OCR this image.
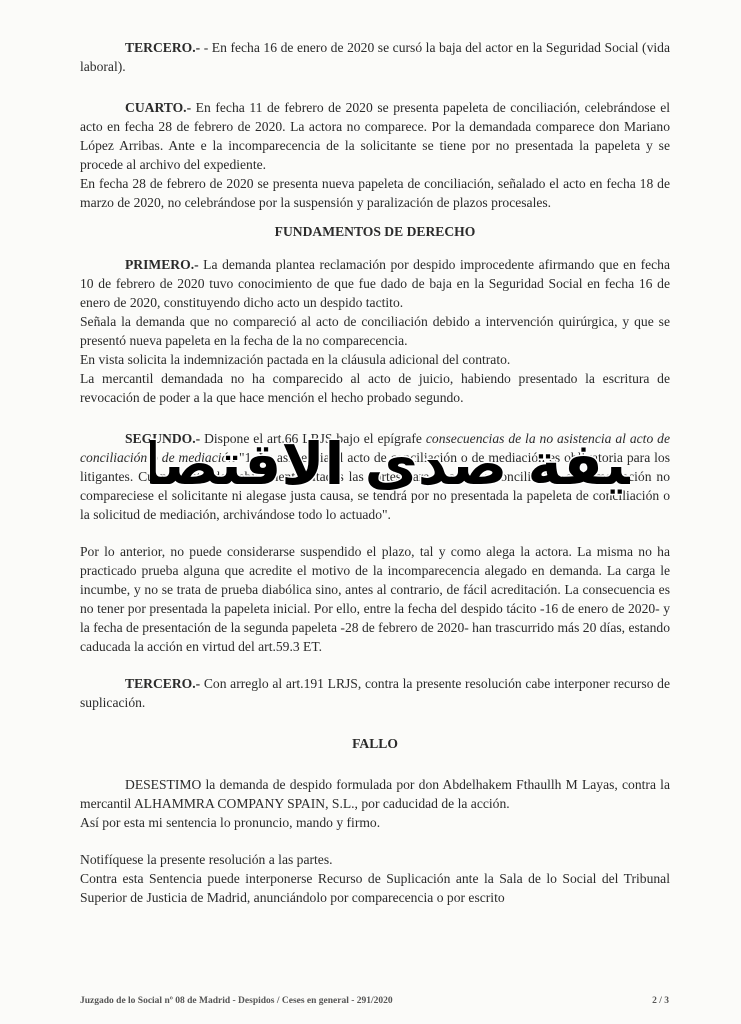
TERCERO.- - En fecha 16 de enero de 2020 se cursó la baja del actor en la Seguridad Social (vida laboral).

CUARTO.- En fecha 11 de febrero de 2020 se presenta papeleta de conciliación, celebrándose el acto en fecha 28 de febrero de 2020. La actora no comparece. Por la demandada comparece don Mariano López Arribas. Ante e la incomparecencia de la solicitante se tiene por no presentada la papeleta y se procede al archivo del expediente.

En fecha 28 de febrero de 2020 se presenta nueva papeleta de conciliación, señalado el acto en fecha 18 de marzo de 2020, no celebrándose por la suspensión y paralización de plazos procesales.

FUNDAMENTOS DE DERECHO

PRIMERO.- La demanda plantea reclamación por despido improcedente afirmando que en fecha 10 de febrero de 2020 tuvo conocimiento de que fue dado de baja en la Seguridad Social en fecha 16 de enero de 2020, constituyendo dicho acto un despido tactito.

Señala la demanda que no compareció al acto de conciliación debido a intervención quirúrgica, y que se presentó nueva papeleta en la fecha de la no comparecencia.

En vista solicita la indemnización pactada en la cláusula adicional del contrato.

La mercantil demandada no ha comparecido al acto de juicio, habiendo presentado la escritura de revocación de poder a la que hace mención el hecho probado segundo.

SEGUNDO.- Dispone el art.66 LRJS bajo el epígrafe consecuencias de la no asistencia al acto de conciliación o de mediación "1. La asistencia al acto de conciliación o de mediación es obligatoria para los litigantes. Cuando estando debidamente citadas las partes para el acto de conciliación o de mediación no compareciese el solicitante ni alegase justa causa, se tendrá por no presentada la papeleta de conciliación o la solicitud de mediación, archivándose todo lo actuado".

Por lo anterior, no puede considerarse suspendido el plazo, tal y como alega la actora. La misma no ha practicado prueba alguna que acredite el motivo de la incomparecencia alegado en demanda. La carga le incumbe, y no se trata de prueba diabólica sino, antes al contrario, de fácil acreditación. La consecuencia es no tener por presentada la papeleta inicial. Por ello, entre la fecha del despido tácito -16 de enero de 2020- y la fecha de presentación de la segunda papeleta -28 de febrero de 2020- han trascurrido más 20 días, estando caducada la acción en virtud del art.59.3 ET.

TERCERO.- Con arreglo al art.191 LRJS, contra la presente resolución cabe interponer recurso de suplicación.

FALLO

DESESTIMO la demanda de despido formulada por don Abdelhakem Fthaullh M Layas, contra la mercantil ALHAMMRA COMPANY SPAIN, S.L., por caducidad de la acción.

Así por esta mi sentencia lo pronuncio, mando y firmo.

Notifíquese la presente resolución a las partes.

Contra esta Sentencia puede interponerse Recurso de Suplicación ante la Sala de lo Social del Tribunal Superior de Justicia de Madrid, anunciándolo por comparecencia o por escrito

يفة صدى الاقتصا
Juzgado de lo Social nº 08 de Madrid - Despidos / Ceses en general - 291/2020	2 / 3
